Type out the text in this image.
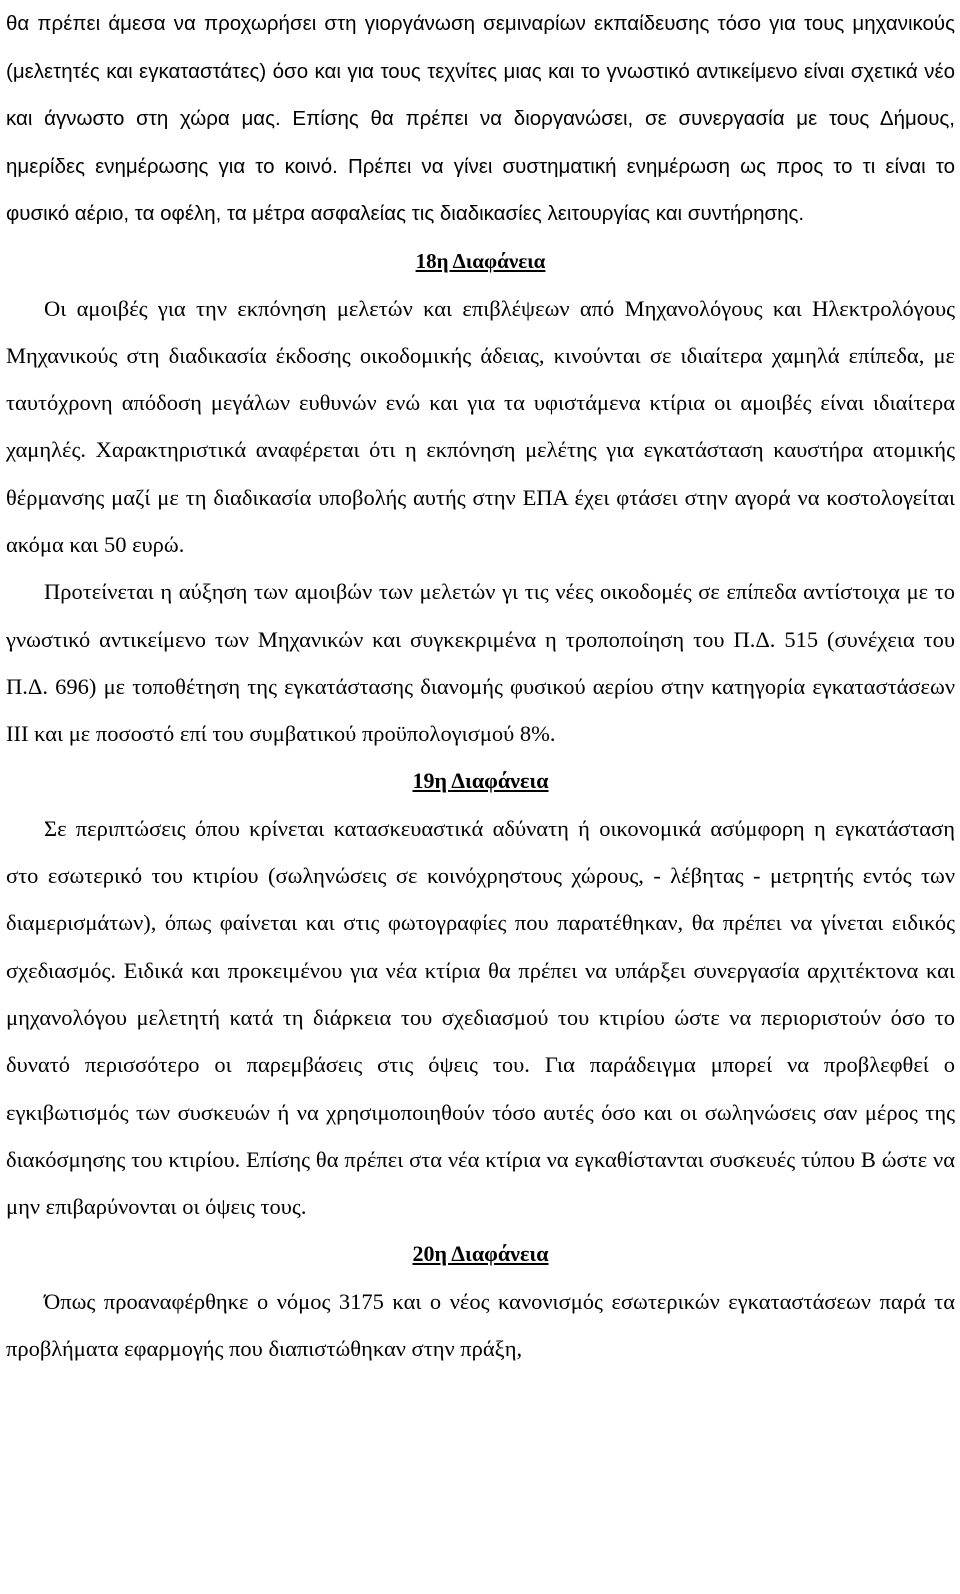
θα πρέπει άμεσα να προχωρήσει στη γιοργάνωση σεμιναρίων εκπαίδευσης τόσο για τους μηχανικούς (μελετητές και εγκαταστάτες) όσο και για τους τεχνίτες μιας και το γνωστικό αντικείμενο είναι σχετικά νέο και άγνωστο στη χώρα μας. Επίσης θα πρέπει να διοργανώσει, σε συνεργασία με τους Δήμους, ημερίδες ενημέρωσης για το κοινό. Πρέπει να γίνει συστηματική ενημέρωση ως προς το τι είναι το φυσικό αέριο, τα οφέλη, τα μέτρα ασφαλείας τις διαδικασίες λειτουργίας και συντήρησης.

18η Διαφάνεια

Οι αμοιβές για την εκπόνηση μελετών και επιβλέψεων από Μηχανολόγους και Ηλεκτρολόγους Μηχανικούς στη διαδικασία έκδοσης οικοδομικής άδειας, κινούνται σε ιδιαίτερα χαμηλά επίπεδα, με ταυτόχρονη απόδοση μεγάλων ευθυνών ενώ και για τα υφιστάμενα κτίρια οι αμοιβές είναι ιδιαίτερα χαμηλές. Χαρακτηριστικά αναφέρεται ότι η εκπόνηση μελέτης για εγκατάσταση καυστήρα ατομικής θέρμανσης μαζί με τη διαδικασία υποβολής αυτής στην ΕΠΑ έχει φτάσει στην αγορά να κοστολογείται ακόμα και 50 ευρώ.

Προτείνεται η αύξηση των αμοιβών των μελετών γι τις νέες οικοδομές σε επίπεδα αντίστοιχα με το γνωστικό αντικείμενο των Μηχανικών και συγκεκριμένα η τροποποίηση του Π.Δ. 515 (συνέχεια του Π.Δ. 696) με τοποθέτηση της εγκατάστασης διανομής φυσικού αερίου στην κατηγορία εγκαταστάσεων ΙΙΙ και με ποσοστό επί του συμβατικού προϋπολογισμού 8%.

19η Διαφάνεια

Σε περιπτώσεις όπου κρίνεται κατασκευαστικά αδύνατη ή οικονομικά ασύμφορη η εγκατάσταση στο εσωτερικό του κτιρίου (σωληνώσεις σε κοινόχρηστους χώρους, - λέβητας - μετρητής εντός των διαμερισμάτων), όπως φαίνεται και στις φωτογραφίες που παρατέθηκαν, θα πρέπει να γίνεται ειδικός σχεδιασμός. Ειδικά και προκειμένου για νέα κτίρια θα πρέπει να υπάρξει συνεργασία αρχιτέκτονα και μηχανολόγου μελετητή κατά τη διάρκεια του σχεδιασμού του κτιρίου ώστε να περιοριστούν όσο το δυνατό περισσότερο οι παρεμβάσεις στις όψεις του. Για παράδειγμα μπορεί να προβλεφθεί ο εγκιβωτισμός των συσκευών ή να χρησιμοποιηθούν τόσο αυτές όσο και οι σωληνώσεις σαν μέρος της διακόσμησης του κτιρίου. Επίσης θα πρέπει στα νέα κτίρια να εγκαθίστανται συσκευές τύπου Β ώστε να μην επιβαρύνονται οι όψεις τους.

20η Διαφάνεια

Όπως προαναφέρθηκε ο νόμος 3175 και ο νέος κανονισμός εσωτερικών εγκαταστάσεων παρά τα προβλήματα εφαρμογής που διαπιστώθηκαν στην πράξη,
